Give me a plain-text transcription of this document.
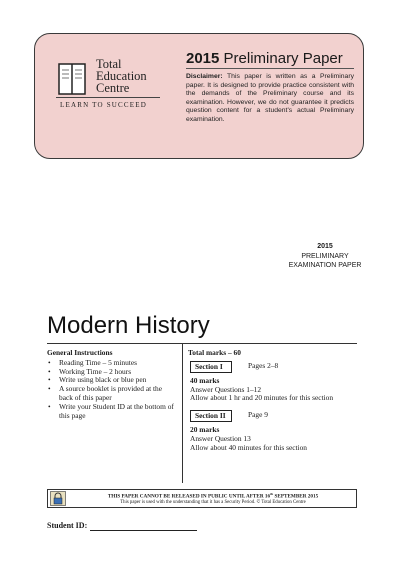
Total
Education
Centre
LEARN TO SUCCEED
2015 Preliminary Paper
Disclaimer: This paper is written as a Preliminary paper. It is designed to provide practice consistent with the demands of the Preliminary course and its examination. However, we do not guarantee it predicts question content for a student's actual Preliminary examination.
2015
PRELIMINARY
EXAMINATION PAPER
Modern History
General Instructions
• Reading Time – 5 minutes
• Working Time – 2 hours
• Write using black or blue pen
• A source booklet is provided at the back of this paper
• Write your Student ID at the bottom of this page
Total marks – 60
Section I	Pages 2–8
40 marks
Answer Questions 1–12
Allow about 1 hr and 20 minutes for this section
Section II	Page 9
20 marks
Answer Question 13
Allow about 40 minutes for this section
THIS PAPER CANNOT BE RELEASED IN PUBLIC UNTIL AFTER 16th SEPTEMBER 2015
This paper is used with the understanding that it has a Security Period. © Total Education Centre
Student ID:
